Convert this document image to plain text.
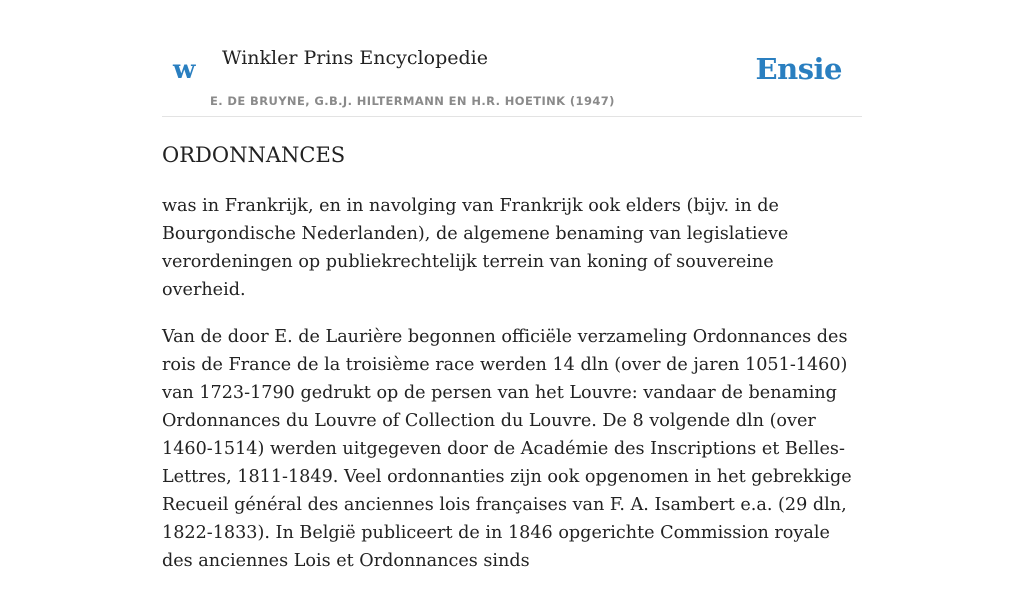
w Winkler Prins Encyclopedie
E. DE BRUYNE, G.B.J. HILTERMANN EN H.R. HOETINK (1947)
Ensie
ORDONNANCES

was in Frankrijk, en in navolging van Frankrijk ook elders (bijv. in de Bourgondische Nederlanden), de algemene benaming van legislatieve verordeningen op publiekrechtelijk terrein van koning of souvereine overheid.

Van de door E. de Laurière begonnen officiële verzameling Ordonnances des rois de France de la troisième race werden 14 dln (over de jaren 1051-1460) van 1723-1790 gedrukt op de persen van het Louvre: vandaar de benaming Ordonnances du Louvre of Collection du Louvre. De 8 volgende dln (over 1460-1514) werden uitgegeven door de Académie des Inscriptions et Belles-Lettres, 1811-1849. Veel ordonnanties zijn ook opgenomen in het gebrekkige Recueil général des anciennes lois françaises van F. A. Isambert e.a. (29 dln, 1822-1833). In België publiceert de in 1846 opgerichte Commission royale des anciennes Lois et Ordonnances sinds
